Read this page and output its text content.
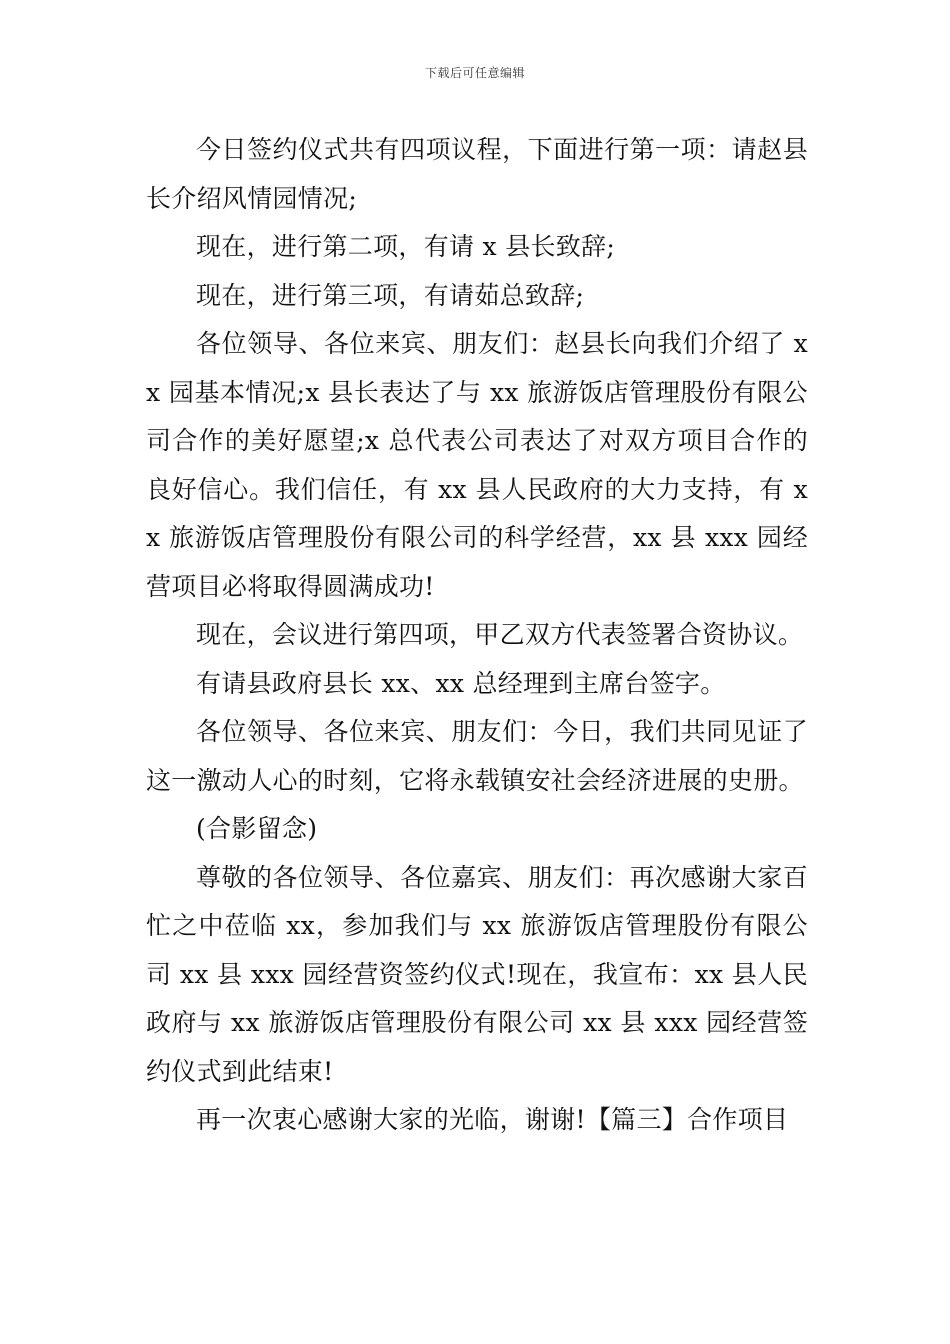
下载后可任意编辑

今日签约仪式共有四项议程，下面进行第一项：请赵县长介绍风情园情况;

现在，进行第二项，有请 x 县长致辞;

现在，进行第三项，有请茹总致辞;

各位领导、各位来宾、朋友们：赵县长向我们介绍了 xx 园基本情况;x 县长表达了与 xx 旅游饭店管理股份有限公司合作的美好愿望;x 总代表公司表达了对双方项目合作的良好信心。我们信任，有 xx 县人民政府的大力支持，有 xx 旅游饭店管理股份有限公司的科学经营，xx 县 xxx 园经营项目必将取得圆满成功!

现在，会议进行第四项，甲乙双方代表签署合资协议。

有请县政府县长 xx、xx 总经理到主席台签字。

各位领导、各位来宾、朋友们：今日，我们共同见证了这一激动人心的时刻，它将永载镇安社会经济进展的史册。

(合影留念)

尊敬的各位领导、各位嘉宾、朋友们：再次感谢大家百忙之中莅临 xx，参加我们与 xx 旅游饭店管理股份有限公司 xx 县 xxx 园经营资签约仪式!现在，我宣布：xx 县人民政府与 xx 旅游饭店管理股份有限公司 xx 县 xxx 园经营签约仪式到此结束!

再一次衷心感谢大家的光临，谢谢!【篇三】合作项目
